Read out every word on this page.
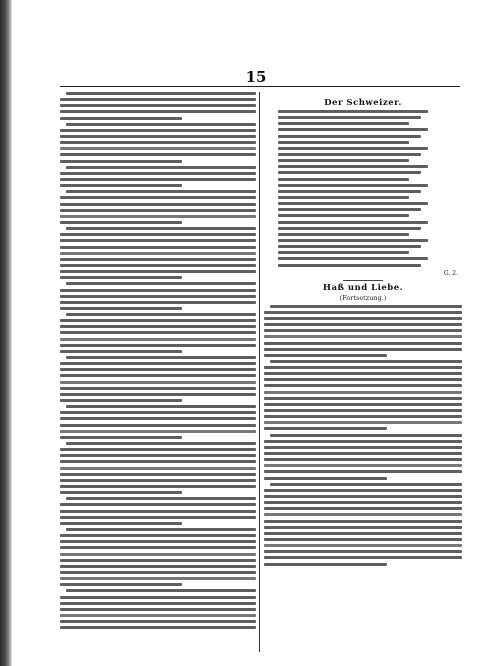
15
Der Schweizer.
G. 2.
Haß und Liebe.
(Fortsetzung.)
